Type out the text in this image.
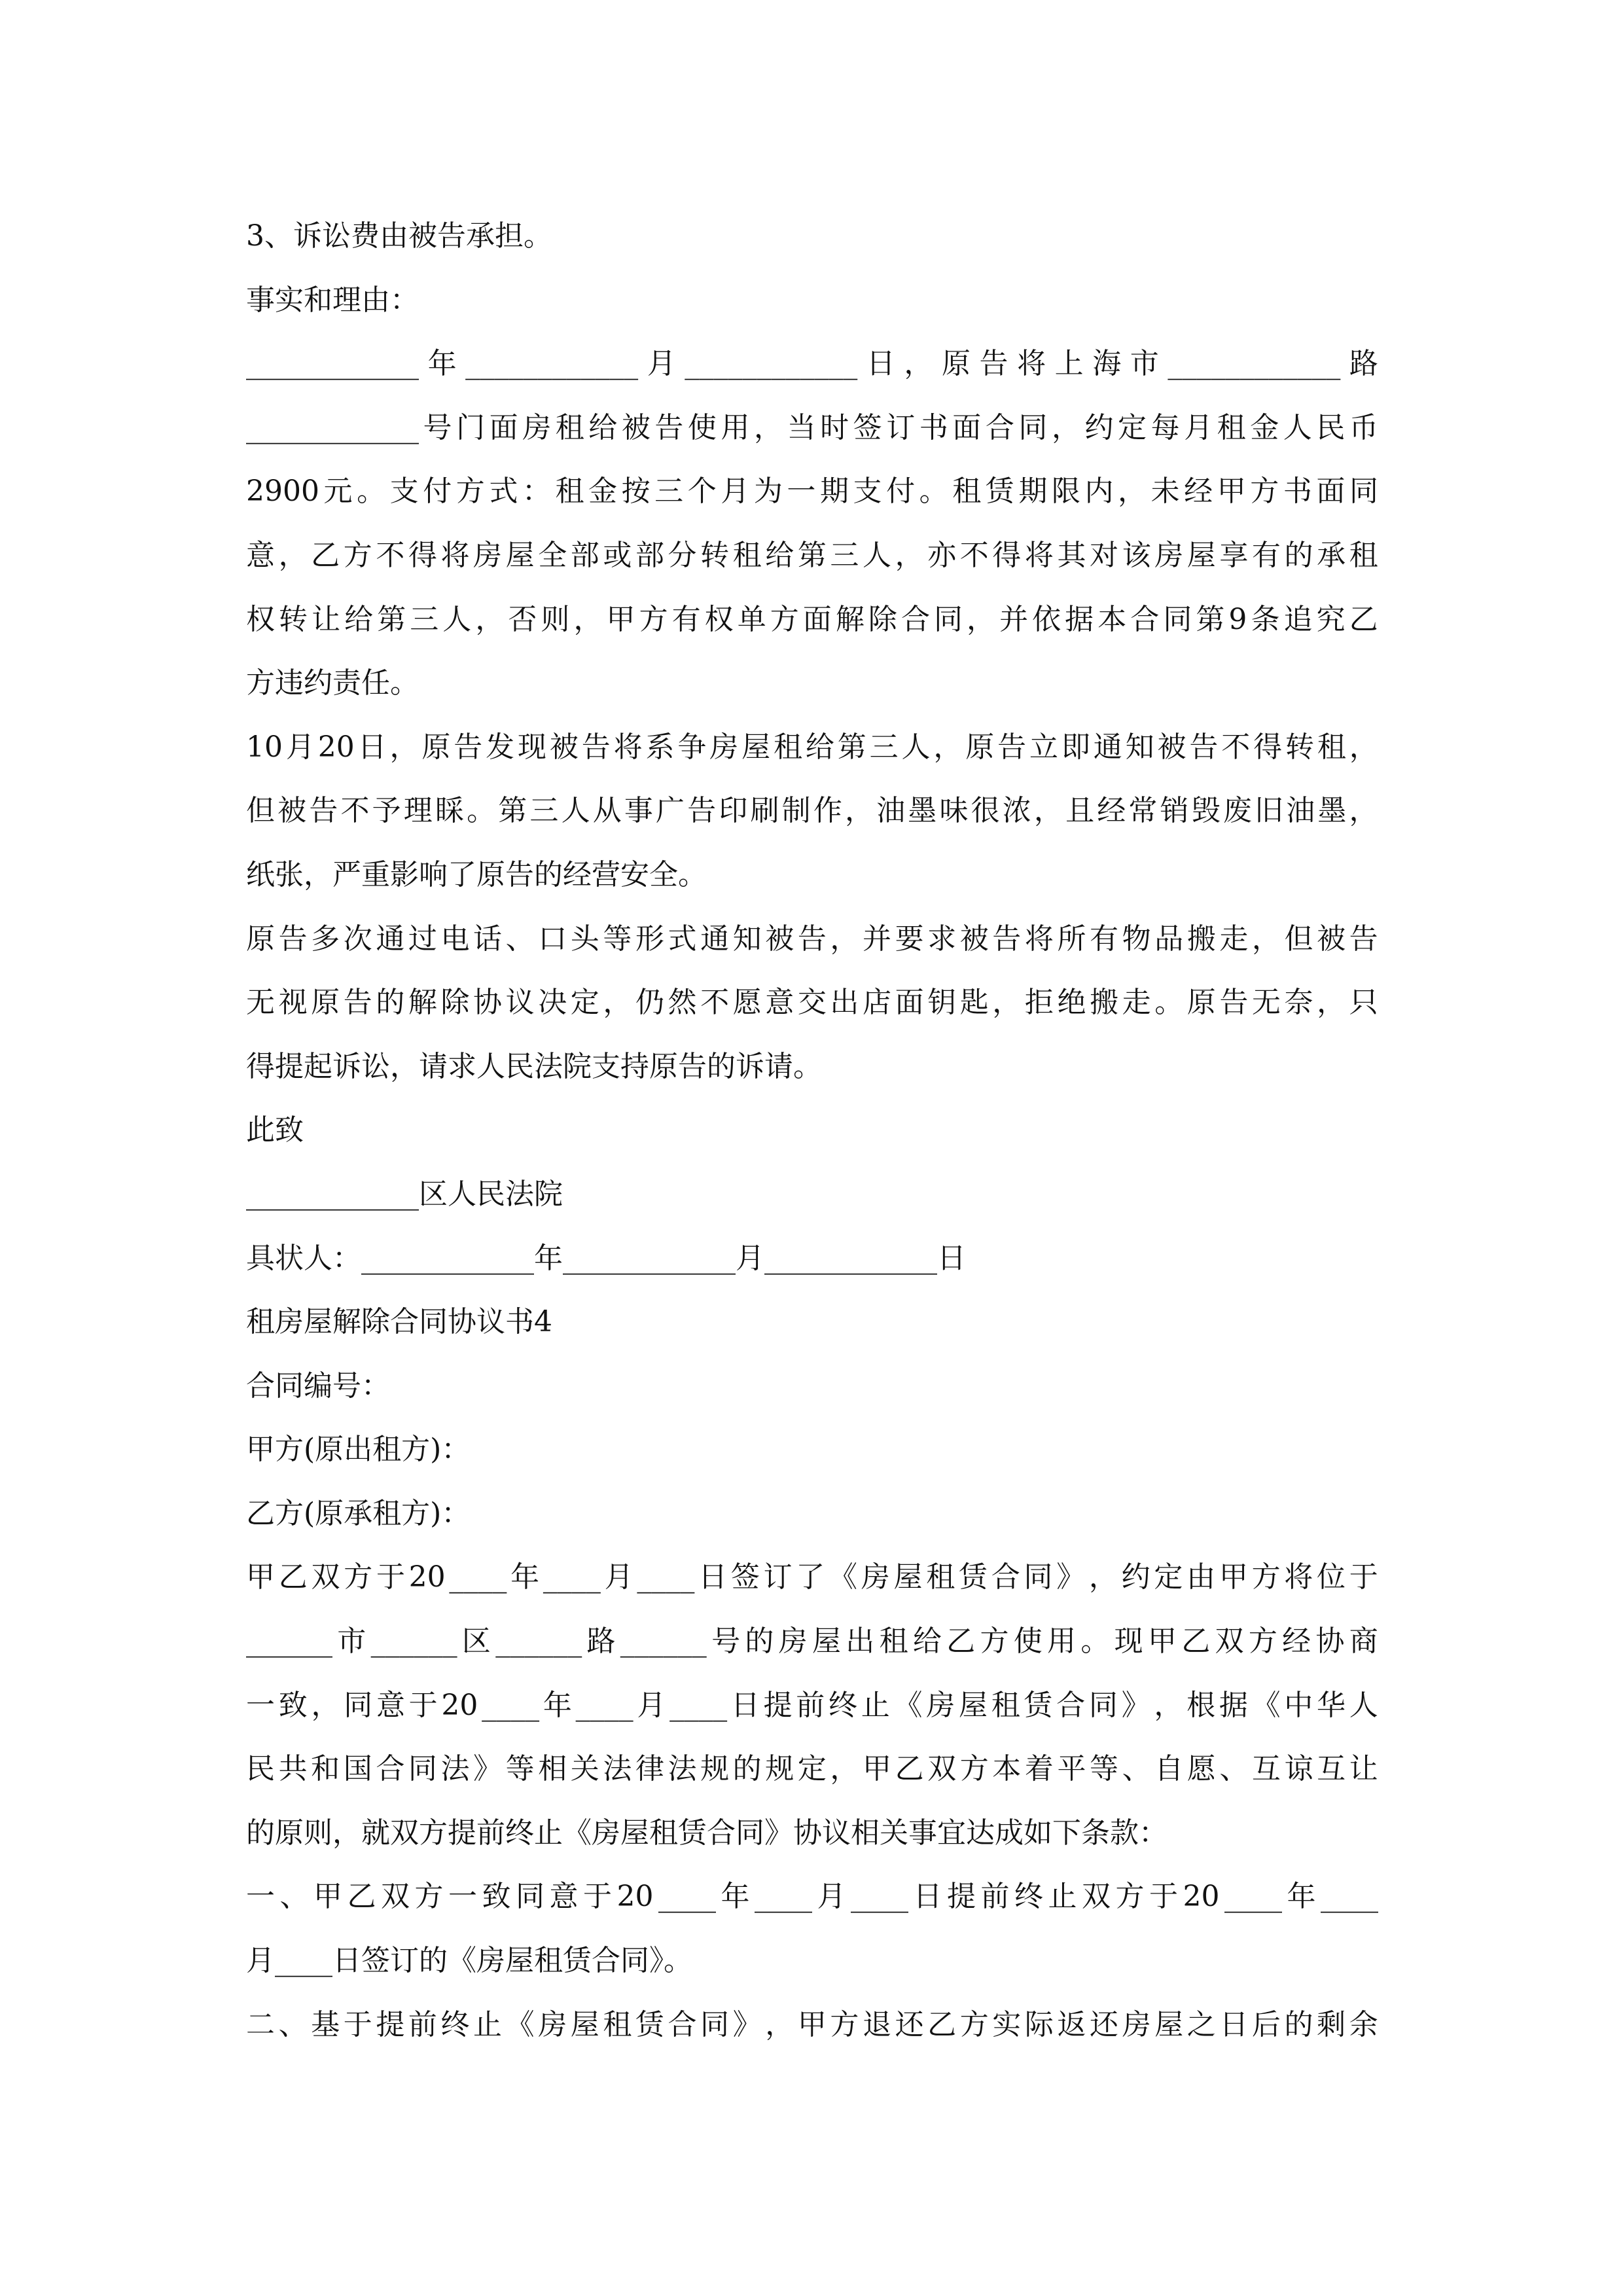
3、诉讼费由被告承担。
事实和理由：
____________ 年 ____________ 月 ____________ 日 ， 原 告 将 上 海 市 ____________ 路
____________ 号 门 面 房 租 给 被 告 使 用 ， 当 时 签 订 书 面 合 同 ， 约 定 每 月 租 金 人 民 币
2900 元 。 支 付 方 式 ： 租 金 按 三 个 月 为 一 期 支 付 。 租 赁 期 限 内 ， 未 经 甲 方 书 面 同
意 ， 乙 方 不 得 将 房 屋 全 部 或 部 分 转 租 给 第 三 人 ， 亦 不 得 将 其 对 该 房 屋 享 有 的 承 租
权 转 让 给 第 三 人 ， 否 则 ， 甲 方 有 权 单 方 面 解 除 合 同 ， 并 依 据 本 合 同 第 9 条 追 究 乙
方违约责任。
10 月 20 日 ， 原 告 发 现 被 告 将 系 争 房 屋 租 给 第 三 人 ， 原 告 立 即 通 知 被 告 不 得 转 租 ，
但 被 告 不 予 理 睬 。 第 三 人 从 事 广 告 印 刷 制 作 ， 油 墨 味 很 浓 ， 且 经 常 销 毁 废 旧 油 墨 ，
纸张，严重影响了原告的经营安全。
原 告 多 次 通 过 电 话 、 口 头 等 形 式 通 知 被 告 ， 并 要 求 被 告 将 所 有 物 品 搬 走 ， 但 被 告
无 视 原 告 的 解 除 协 议 决 定 ， 仍 然 不 愿 意 交 出 店 面 钥 匙 ， 拒 绝 搬 走 。 原 告 无 奈 ， 只
得提起诉讼，请求人民法院支持原告的诉请。
此致
____________区人民法院
具状人：____________年____________月____________日
租房屋解除合同协议书4
合同编号：
甲方(原出租方)：
乙方(原承租方)：
甲 乙 双 方 于 20 ____ 年 ____ 月 ____ 日 签 订 了 《 房 屋 租 赁 合 同 》 ， 约 定 由 甲 方 将 位 于
______ 市 ______ 区 ______ 路 ______ 号 的 房 屋 出 租 给 乙 方 使 用 。 现 甲 乙 双 方 经 协 商
一 致 ， 同 意 于 20 ____ 年 ____ 月 ____ 日 提 前 终 止 《 房 屋 租 赁 合 同 》 ， 根 据 《 中 华 人
民 共 和 国 合 同 法 》 等 相 关 法 律 法 规 的 规 定 ， 甲 乙 双 方 本 着 平 等 、 自 愿 、 互 谅 互 让
的原则，就双方提前终止《房屋租赁合同》协议相关事宜达成如下条款：
一 、 甲 乙 双 方 一 致 同 意 于 20 ____ 年 ____ 月 ____ 日 提 前 终 止 双 方 于 20 ____ 年 ____
月____日签订的《房屋租赁合同》。
二 、 基 于 提 前 终 止 《 房 屋 租 赁 合 同 》 ， 甲 方 退 还 乙 方 实 际 返 还 房 屋 之 日 后 的 剩 余
